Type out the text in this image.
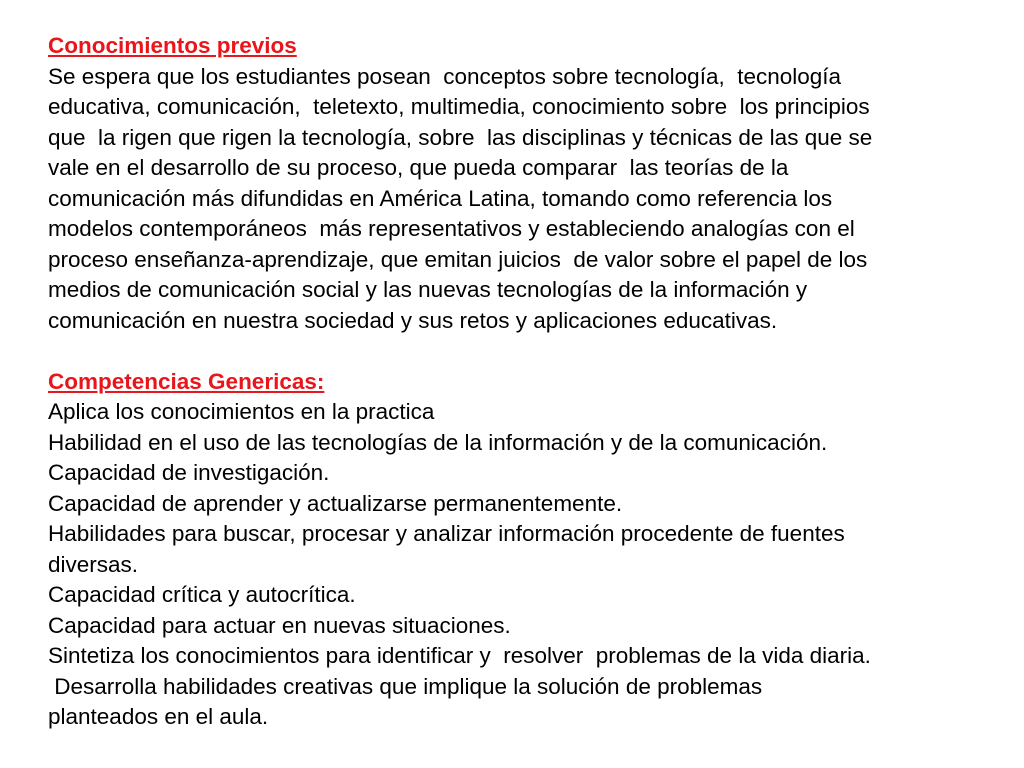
Conocimientos previos
Se espera que los estudiantes posean  conceptos sobre tecnología,  tecnología
educativa, comunicación,  teletexto, multimedia, conocimiento sobre  los principios
que  la rigen que rigen la tecnología, sobre  las disciplinas y técnicas de las que se
vale en el desarrollo de su proceso, que pueda comparar  las teorías de la
comunicación más difundidas en América Latina, tomando como referencia los
modelos contemporáneos  más representativos y estableciendo analogías con el
proceso enseñanza-aprendizaje, que emitan juicios  de valor sobre el papel de los
medios de comunicación social y las nuevas tecnologías de la información y
comunicación en nuestra sociedad y sus retos y aplicaciones educativas.
Competencias Genericas:
Aplica los conocimientos en la practica
Habilidad en el uso de las tecnologías de la información y de la comunicación.
Capacidad de investigación.
Capacidad de aprender y actualizarse permanentemente.
Habilidades para buscar, procesar y analizar información procedente de fuentes
diversas.
Capacidad crítica y autocrítica.
Capacidad para actuar en nuevas situaciones.
Sintetiza los conocimientos para identificar y  resolver  problemas de la vida diaria.
Desarrolla habilidades creativas que implique la solución de problemas
planteados en el aula.
